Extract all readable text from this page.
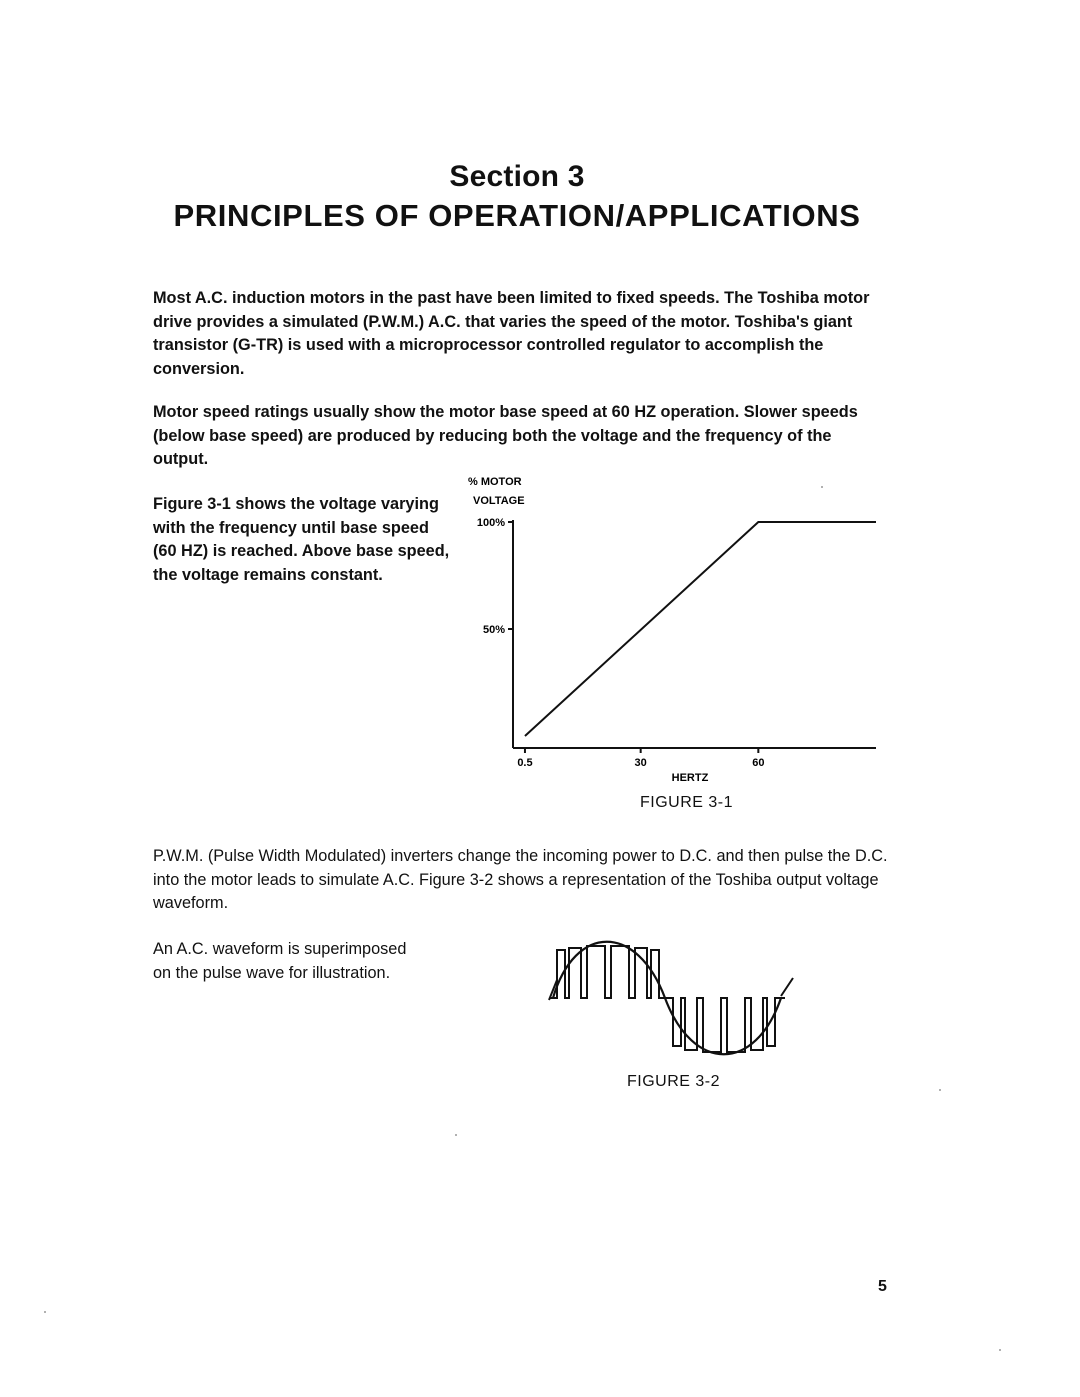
Section 3
PRINCIPLES OF OPERATION/APPLICATIONS

Most A.C. induction motors in the past have been limited to fixed speeds. The Toshiba motor drive provides a simulated (P.W.M.) A.C. that varies the speed of the motor. Toshiba's giant transistor (G-TR) is used with a microprocessor controlled regulator to accomplish the conversion.

Motor speed ratings usually show the motor base speed at 60 HZ operation. Slower speeds (below base speed) are produced by reducing both the voltage and the frequency of the output.

Figure 3-1 shows the voltage varying with the frequency until base speed (60 HZ) is reached. Above base speed, the voltage remains constant.
% MOTOR
VOLTAGE
100%
50%
0.5	30	60
HERTZ
FIGURE 3-1

P.W.M. (Pulse Width Modulated) inverters change the incoming power to D.C. and then pulse the D.C. into the motor leads to simulate A.C. Figure 3-2 shows a representation of the Toshiba output voltage waveform.

An A.C. waveform is superimposed on the pulse wave for illustration.
FIGURE 3-2
5
